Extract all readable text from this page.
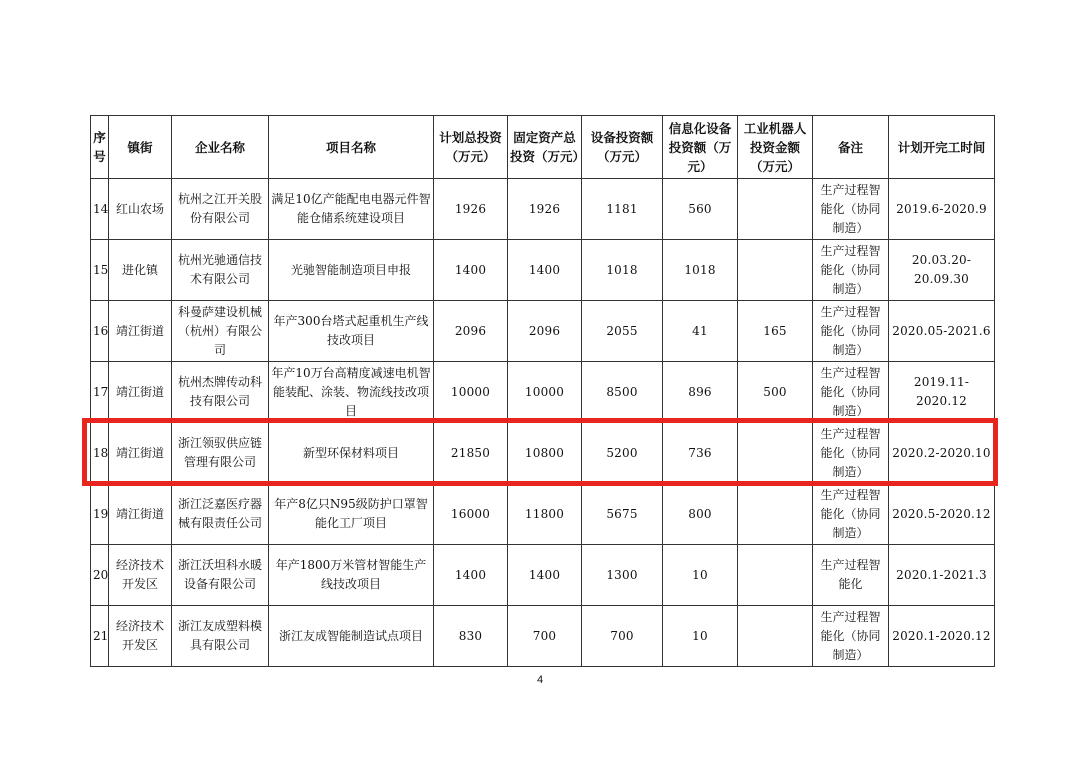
序号	镇街	企业名称	项目名称	计划总投资（万元）	固定资产总投资（万元）	设备投资额（万元）	信息化设备投资额（万元）	工业机器人投资金额（万元）	备注	计划开完工时间

14	红山农场	杭州之江开关股份有限公司	满足10亿产能配电电器元件智能仓储系统建设项目	1926	1926	1181	560		生产过程智能化（协同制造）	2019.6-2020.9

15	进化镇	杭州光驰通信技术有限公司	光驰智能制造项目申报	1400	1400	1018	1018		生产过程智能化（协同制造）	20.03.20-20.09.30

16	靖江街道	科曼萨建设机械（杭州）有限公司	年产300台塔式起重机生产线技改项目	2096	2096	2055	41	165	生产过程智能化（协同制造）	2020.05-2021.6

17	靖江街道	杭州杰牌传动科技有限公司	年产10万台高精度减速电机智能装配、涂装、物流线技改项目	10000	10000	8500	896	500	生产过程智能化（协同制造）	2019.11-2020.12

18	靖江街道	浙江领驭供应链管理有限公司	新型环保材料项目	21850	10800	5200	736		生产过程智能化（协同制造）	2020.2-2020.10

19	靖江街道	浙江泛嘉医疗器械有限责任公司	年产8亿只N95级防护口罩智能化工厂项目	16000	11800	5675	800		生产过程智能化（协同制造）	2020.5-2020.12

20	经济技术开发区	浙江沃坦科水暖设备有限公司	年产1800万米管材智能生产线技改项目	1400	1400	1300	10		生产过程智能化	2020.1-2021.3

21	经济技术开发区	浙江友成塑料模具有限公司	浙江友成智能制造试点项目	830	700	700	10		生产过程智能化（协同制造）	2020.1-2020.12
4
